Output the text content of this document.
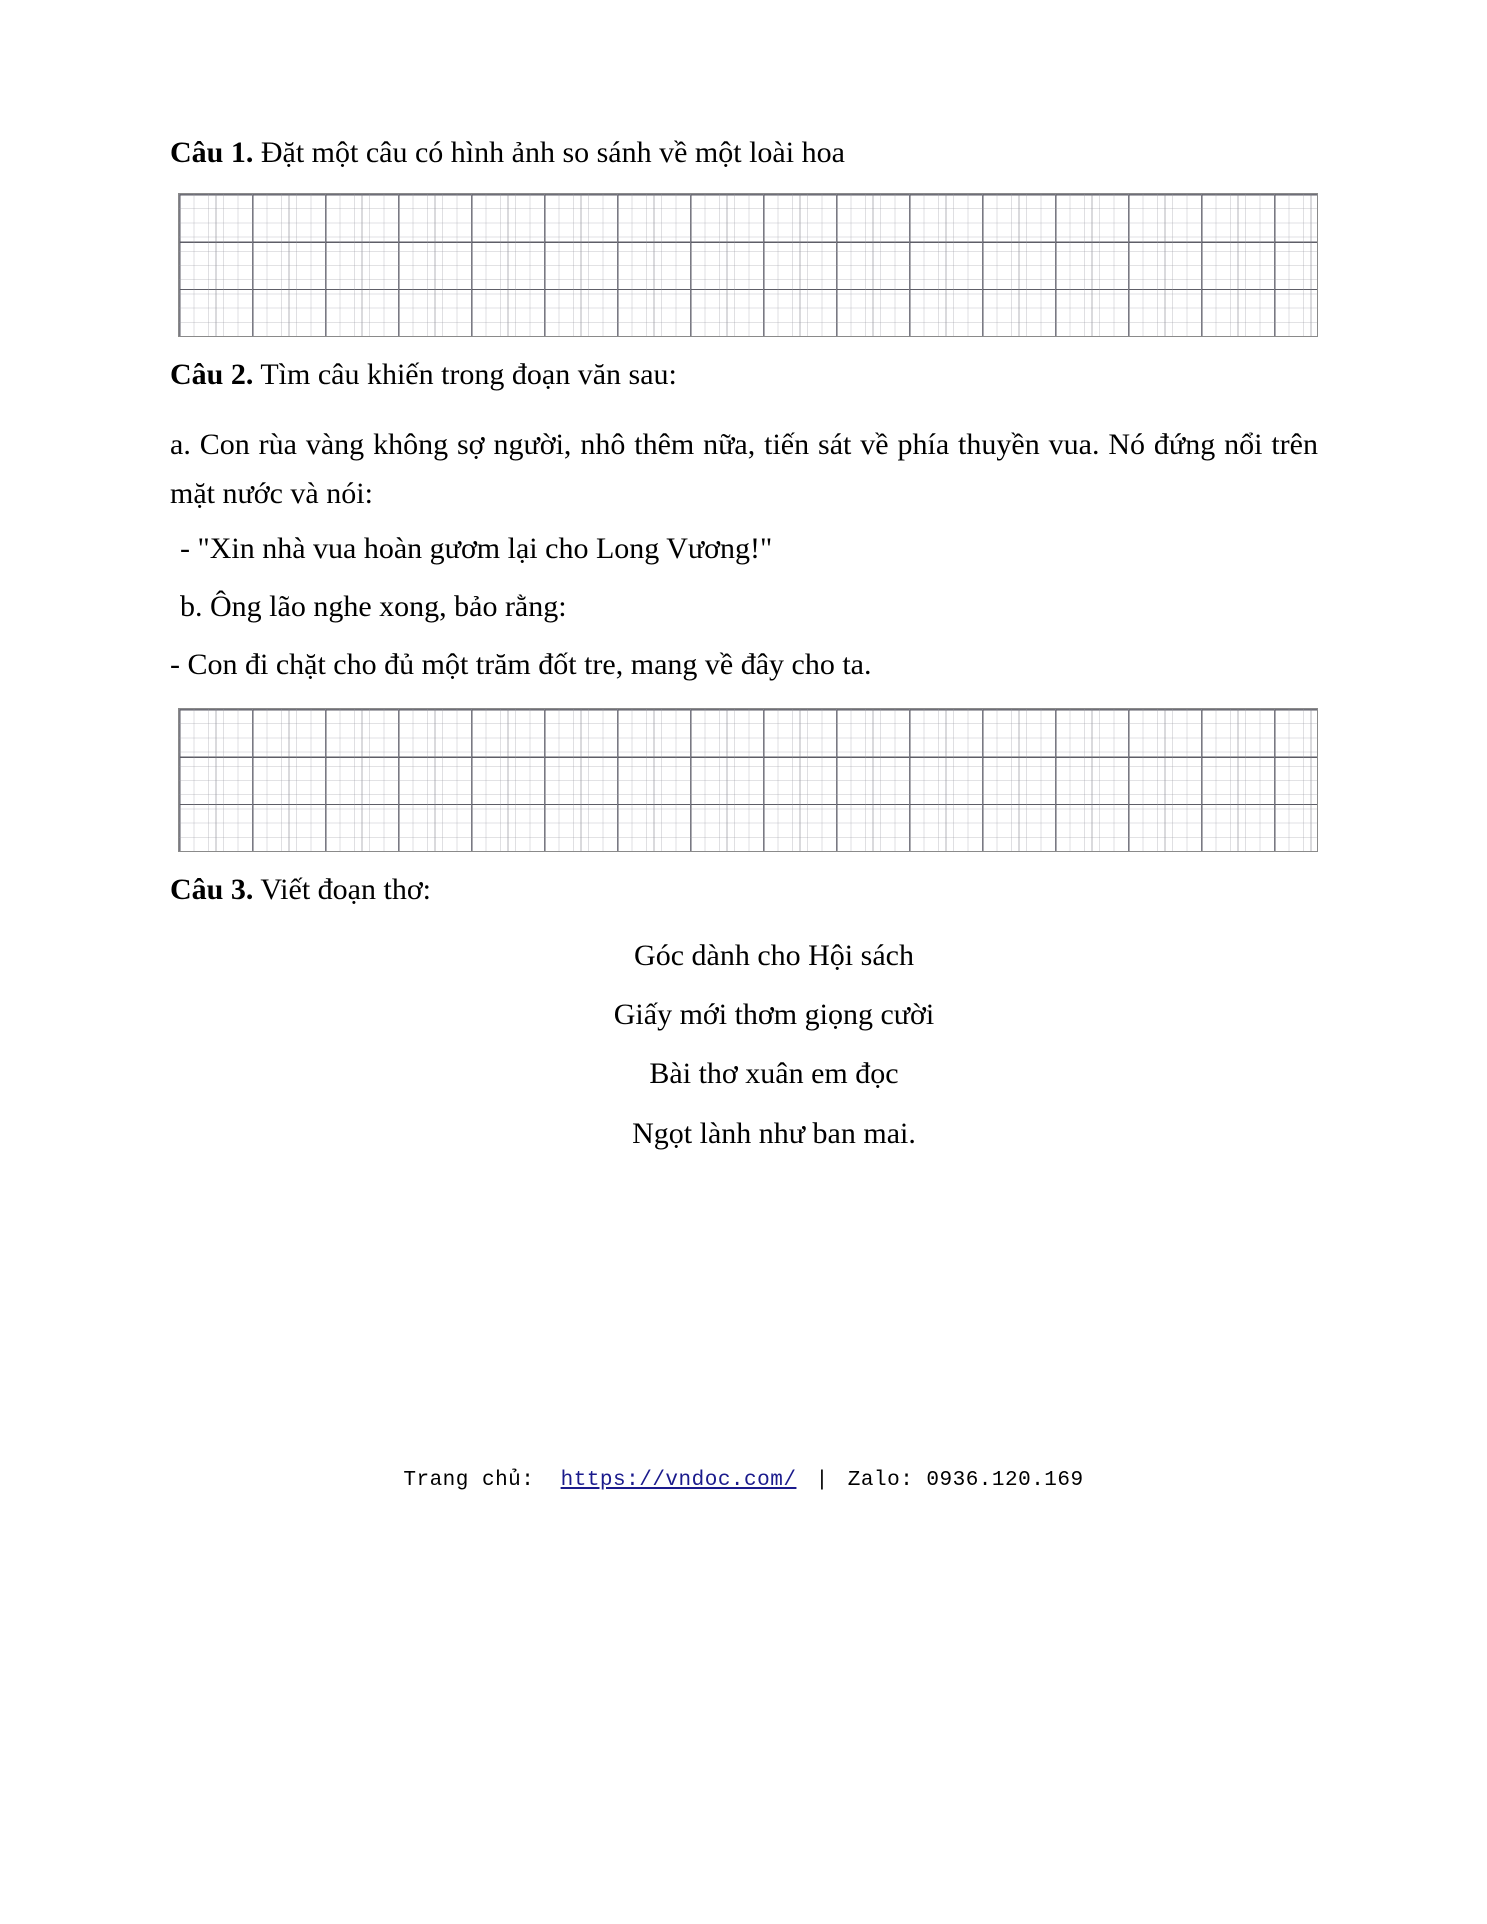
Câu 1. Đặt một câu có hình ảnh so sánh về một loài hoa

Câu 2. Tìm câu khiến trong đoạn văn sau:

a. Con rùa vàng không sợ người, nhô thêm nữa, tiến sát về phía thuyền vua. Nó đứng nổi trên mặt nước và nói:

- "Xin nhà vua hoàn gươm lại cho Long Vương!"

b. Ông lão nghe xong, bảo rằng:

- Con đi chặt cho đủ một trăm đốt tre, mang về đây cho ta.

Câu 3. Viết đoạn thơ:

Góc dành cho Hội sách

Giấy mới thơm giọng cười

Bài thơ xuân em đọc

Ngọt lành như ban mai.

Trang chủ: https://vndoc.com/ | Zalo: 0936.120.169
